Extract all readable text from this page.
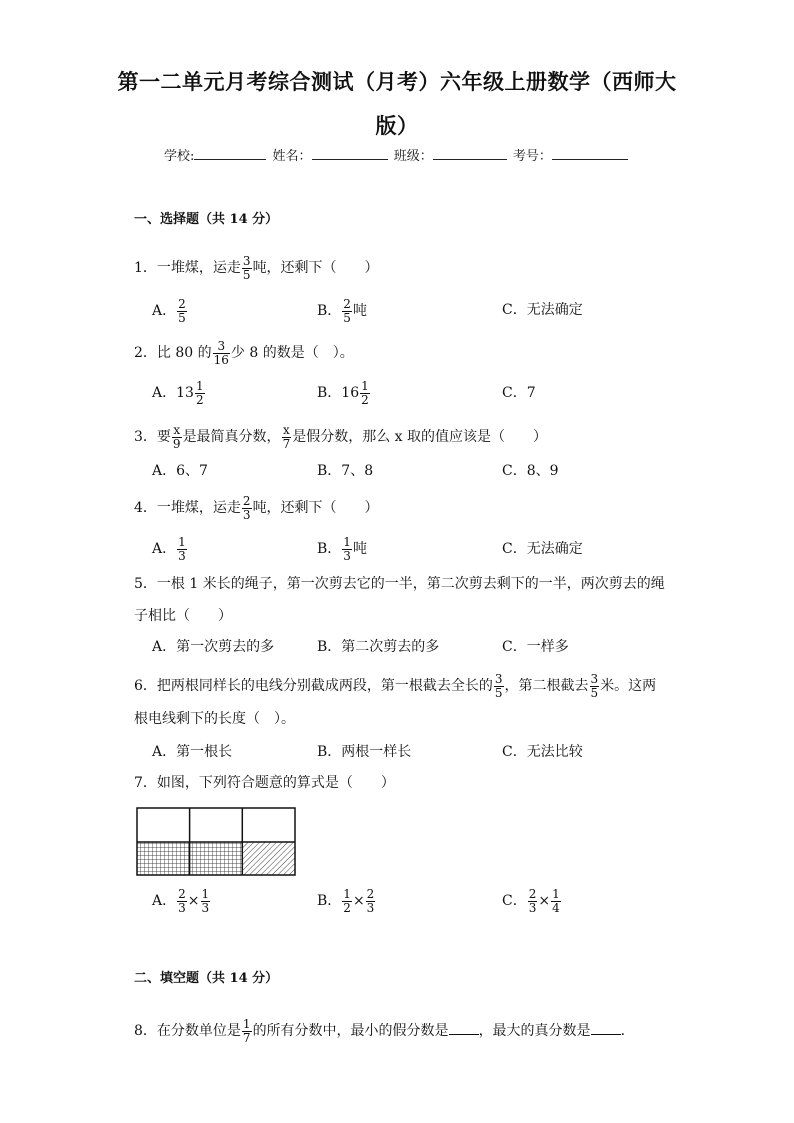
第一二单元月考综合测试（月考）六年级上册数学（西师大
版）
学校:	姓名：	班级：	考号：
一、选择题（共 14 分）
1．一堆煤，运走 $\frac{3}{5}$ 吨，还剩下（　　）
A． $\frac{2}{5}$	B． $\frac{2}{5}$ 吨	C．无法确定
2．比 80 的 $\frac{3}{16}$ 少 8 的数是（　）。
A． $13 \frac{1}{2}$	B． $16 \frac{1}{2}$	C．7
3．要 $\frac{x}{9}$ 是最简真分数， $\frac{x}{7}$ 是假分数，那么 x 取的值应该是（　　）
A．6、7	B．7、8	C．8、9
4．一堆煤，运走 $\frac{2}{3}$ 吨，还剩下（　　）
A． $\frac{1}{3}$	B． $\frac{1}{3}$ 吨	C．无法确定
5．一根 1 米长的绳子，第一次剪去它的一半，第二次剪去剩下的一半，两次剪去的绳
子相比（　　）
A．第一次剪去的多	B．第二次剪去的多	C．一样多
6．把两根同样长的电线分别截成两段，第一根截去全长的 $\frac{3}{5}$ ，第二根截去 $\frac{3}{5}$ 米。这两
根电线剩下的长度（　）。
A．第一根长	B．两根一样长	C．无法比较
7．如图，下列符合题意的算式是（　　）
A． $\frac{2}{3} \times \frac{1}{3}$	B． $\frac{1}{2} \times \frac{2}{3}$	C． $\frac{2}{3} \times \frac{1}{4}$
二、填空题（共 14 分）
8．在分数单位是 $\frac{1}{7}$ 的所有分数中，最小的假分数是 ，最大的真分数是 .
